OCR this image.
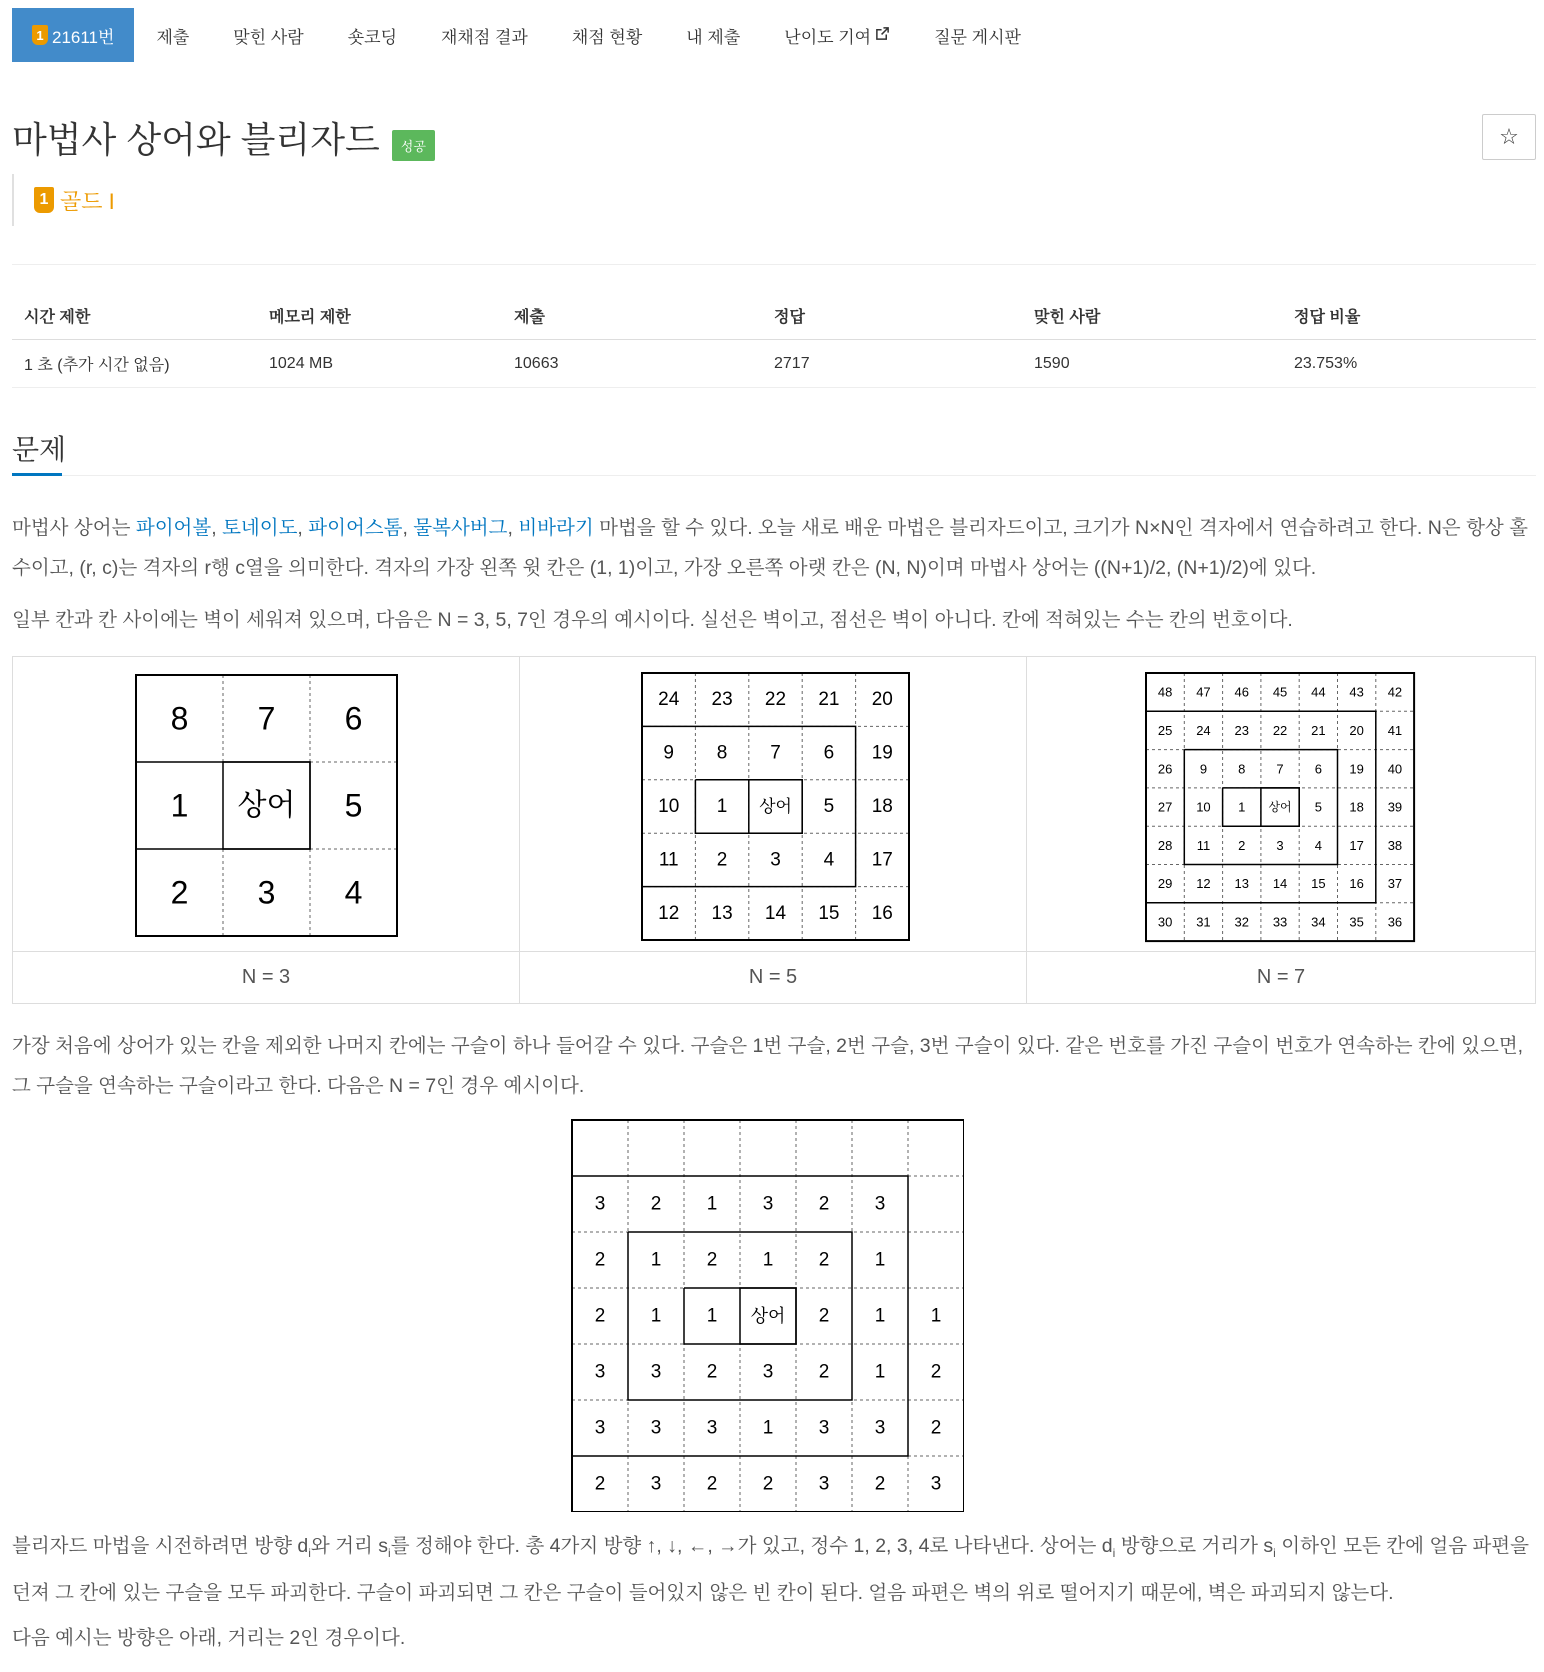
1 21611번	제출	맞힌 사람	숏코딩	재채점 결과	채점 현황	내 제출	난이도 기여	질문 게시판
마법사 상어와 블리자드	성공	☆
1 골드 I
시간 제한	메모리 제한	제출	정답	맞힌 사람	정답 비율
1 초 (추가 시간 없음)	1024 MB	10663	2717	1590	23.753%
문제
마법사 상어는 파이어볼, 토네이도, 파이어스톰, 물복사버그, 비바라기 마법을 할 수 있다. 오늘 새로 배운 마법은 블리자드이고, 크기가 N×N인 격자에서 연습하려고 한다. N은 항상 홀수이고, (r, c)는 격자의 r행 c열을 의미한다. 격자의 가장 왼쪽 윗 칸은 (1, 1)이고, 가장 오른쪽 아랫 칸은 (N, N)이며 마법사 상어는 ((N+1)/2, (N+1)/2)에 있다.
일부 칸과 칸 사이에는 벽이 세워져 있으며, 다음은 N = 3, 5, 7인 경우의 예시이다. 실선은 벽이고, 점선은 벽이 아니다. 칸에 적혀있는 수는 칸의 번호이다.
8 7 6
1 상어 5
2 3 4
24 23 22 21 20
9 8 7 6 19
10 1 상어 5 18
11 2 3 4 17
12 13 14 15 16
48 47 46 45 44 43 42
25 24 23 22 21 20 41
26 9 8 7 6 19 40
27 10 1 상어 5 18 39
28 11 2 3 4 17 38
29 12 13 14 15 16 37
30 31 32 33 34 35 36
N = 3	N = 5	N = 7
가장 처음에 상어가 있는 칸을 제외한 나머지 칸에는 구슬이 하나 들어갈 수 있다. 구슬은 1번 구슬, 2번 구슬, 3번 구슬이 있다. 같은 번호를 가진 구슬이 번호가 연속하는 칸에 있으면, 그 구슬을 연속하는 구슬이라고 한다. 다음은 N = 7인 경우 예시이다.
3 2 1 3 2 3
2 1 2 1 2 1
2 1 1 상어 2 1 1
3 3 2 3 2 1 2
3 3 3 1 3 3 2
2 3 2 2 3 2 3
블리자드 마법을 시전하려면 방향 $d_i$와 거리 $s_i$를 정해야 한다. 총 4가지 방향 ↑, ↓, ←, →가 있고, 정수 1, 2, 3, 4로 나타낸다. 상어는 $d_i$ 방향으로 거리가 $s_i$ 이하인 모든 칸에 얼음 파편을 던져 그 칸에 있는 구슬을 모두 파괴한다. 구슬이 파괴되면 그 칸은 구슬이 들어있지 않은 빈 칸이 된다. 얼음 파편은 벽의 위로 떨어지기 때문에, 벽은 파괴되지 않는다.
다음 예시는 방향은 아래, 거리는 2인 경우이다.
